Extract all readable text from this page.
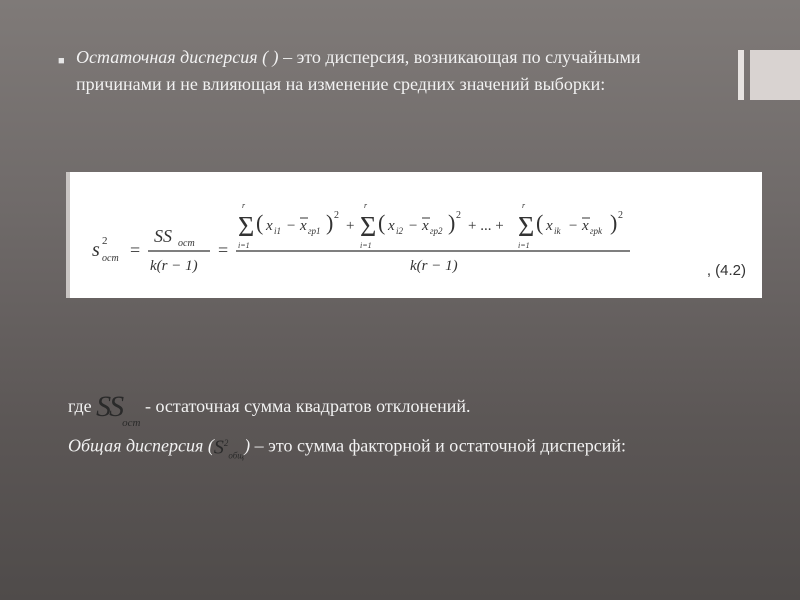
■ Остаточная дисперсия ( ) – это дисперсия, возникающая по случайными причинами и не влияющая на изменение средних значений выборки:
s 2
ост =
SS ост
k(r − 1)
=
Σ
r
i=1
( x i1 − x гр1 ) 2
+ Σ
r
i=1
( x i2 − x гр2 ) 2
+ ... + Σ
r
i=1
( x ik − x грk ) 2
k(r − 1)	, (4.2)
где $SS_{ост}$ - остаточная сумма квадратов отклонений.
Общая дисперсия $(S^2_{общ})$ – это сумма факторной и остаточной дисперсий:
